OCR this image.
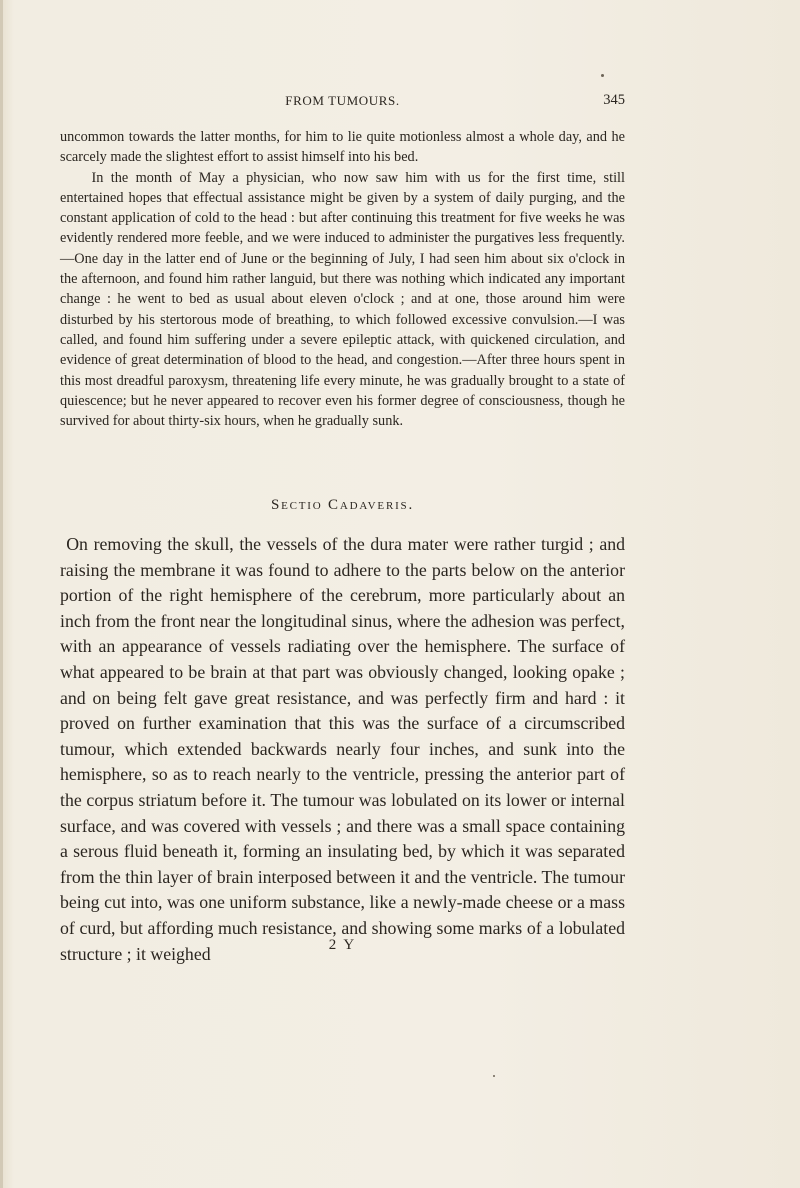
FROM TUMOURS.	345

uncommon towards the latter months, for him to lie quite motionless almost a whole day, and he scarcely made the slightest effort to assist himself into his bed.

In the month of May a physician, who now saw him with us for the first time, still entertained hopes that effectual assistance might be given by a system of daily purging, and the constant application of cold to the head : but after continuing this treatment for five weeks he was evidently rendered more feeble, and we were induced to administer the purgatives less frequently.—One day in the latter end of June or the beginning of July, I had seen him about six o'clock in the afternoon, and found him rather languid, but there was nothing which indicated any important change : he went to bed as usual about eleven o'clock ; and at one, those around him were disturbed by his stertorous mode of breathing, to which followed excessive convulsion.—I was called, and found him suffering under a severe epileptic attack, with quickened circulation, and evidence of great determination of blood to the head, and congestion.—After three hours spent in this most dreadful paroxysm, threatening life every minute, he was gradually brought to a state of quiescence; but he never appeared to recover even his former degree of consciousness, though he survived for about thirty-six hours, when he gradually sunk.

Sectio Cadaveris.

On removing the skull, the vessels of the dura mater were rather turgid ; and raising the membrane it was found to adhere to the parts below on the anterior portion of the right hemisphere of the cerebrum, more particularly about an inch from the front near the longitudinal sinus, where the adhesion was perfect, with an appearance of vessels radiating over the hemisphere. The surface of what appeared to be brain at that part was obviously changed, looking opake ; and on being felt gave great resistance, and was perfectly firm and hard : it proved on further examination that this was the surface of a circumscribed tumour, which extended backwards nearly four inches, and sunk into the hemisphere, so as to reach nearly to the ventricle, pressing the anterior part of the corpus striatum before it. The tumour was lobulated on its lower or internal surface, and was covered with vessels ; and there was a small space containing a serous fluid beneath it, forming an insulating bed, by which it was separated from the thin layer of brain interposed between it and the ventricle. The tumour being cut into, was one uniform substance, like a newly-made cheese or a mass of curd, but affording much resistance, and showing some marks of a lobulated structure ; it weighed	2 Y
